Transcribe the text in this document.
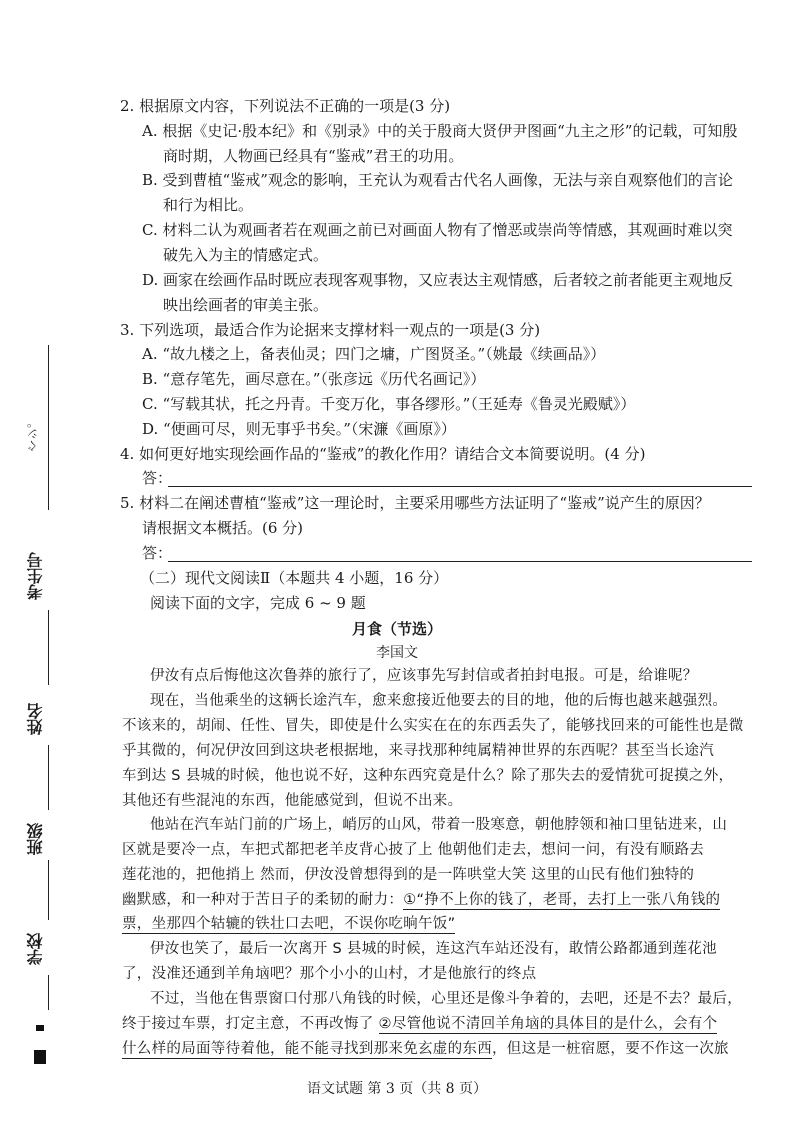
ぐシ。
考生号
姓名
班级
学校
2. 根据原文内容，下列说法不正确的一项是(3 分)
A. 根据《史记·殷本纪》和《别录》中的关于殷商大贤伊尹图画“九主之形”的记载，可知殷
商时期，人物画已经具有“鉴戒”君王的功用。
B. 受到曹植“鉴戒”观念的影响，王充认为观看古代名人画像，无法与亲自观察他们的言论
和行为相比。
C. 材料二认为观画者若在观画之前已对画面人物有了憎恶或崇尚等情感，其观画时难以突
破先入为主的情感定式。
D. 画家在绘画作品时既应表现客观事物，又应表达主观情感，后者较之前者能更主观地反
映出绘画者的审美主张。
3. 下列选项，最适合作为论据来支撑材料一观点的一项是(3 分)
A. “故九楼之上，备表仙灵；四门之墉，广图贤圣。”（姚最《续画品》）
B. “意存笔先，画尽意在。”（张彦远《历代名画记》）
C. “写载其状，托之丹青。千变万化，事各缪形。”（王延寿《鲁灵光殿赋》）
D. “便画可尽，则无事乎书矣。”（宋濂《画原》）
4. 如何更好地实现绘画作品的“鉴戒”的教化作用？请结合文本简要说明。(4 分)
答：
5. 材料二在阐述曹植“鉴戒”这一理论时，主要采用哪些方法证明了“鉴戒”说产生的原因？
请根据文本概括。(6 分)
答：
（二）现代文阅读Ⅱ（本题共 4 小题，16 分）
阅读下面的文字，完成 6 ~ 9 题
月食（节选）
李国文
伊汝有点后悔他这次鲁莽的旅行了，应该事先写封信或者拍封电报。可是，给谁呢？
现在，当他乘坐的这辆长途汽车，愈来愈接近他要去的目的地，他的后悔也越来越强烈。
不该来的，胡闹、任性、冒失，即使是什么实实在在的东西丢失了，能够找回来的可能性也是微
乎其微的，何况伊汝回到这块老根据地，来寻找那种纯属精神世界的东西呢？甚至当长途汽
车到达 S 县城的时候，他也说不好，这种东西究竟是什么？除了那失去的爱情犹可捉摸之外，
其他还有些混沌的东西，他能感觉到，但说不出来。
他站在汽车站门前的广场上，峭厉的山风，带着一股寒意，朝他脖领和袖口里钻进来，山
区就是要冷一点，车把式都把老羊皮背心披了上 他朝他们走去，想问一问，有没有顺路去
莲花池的，把他捎上 然而，伊汝没曾想得到的是一阵哄堂大笑 这里的山民有他们独特的
幽默感，和一种对于苦日子的柔韧的耐力：①“挣不上你的钱了，老哥，去打上一张八角钱的
票，坐那四个轱辘的铁壮口去吧，不误你吃晌午饭”
伊汝也笑了，最后一次离开 S 县城的时候，连这汽车站还没有，敢情公路都通到莲花池
了，没准还通到羊角垴吧？那个小小的山村，才是他旅行的终点
不过，当他在售票窗口付那八角钱的时候，心里还是像斗争着的，去吧，还是不去？最后，
终于接过车票，打定主意，不再改悔了 ②尽管他说不清回羊角垴的具体目的是什么，会有个
什么样的局面等待着他，能不能寻找到那来免玄虚的东西，但这是一桩宿愿，要不作这一次旅
语文试题 第 3 页（共 8 页）
